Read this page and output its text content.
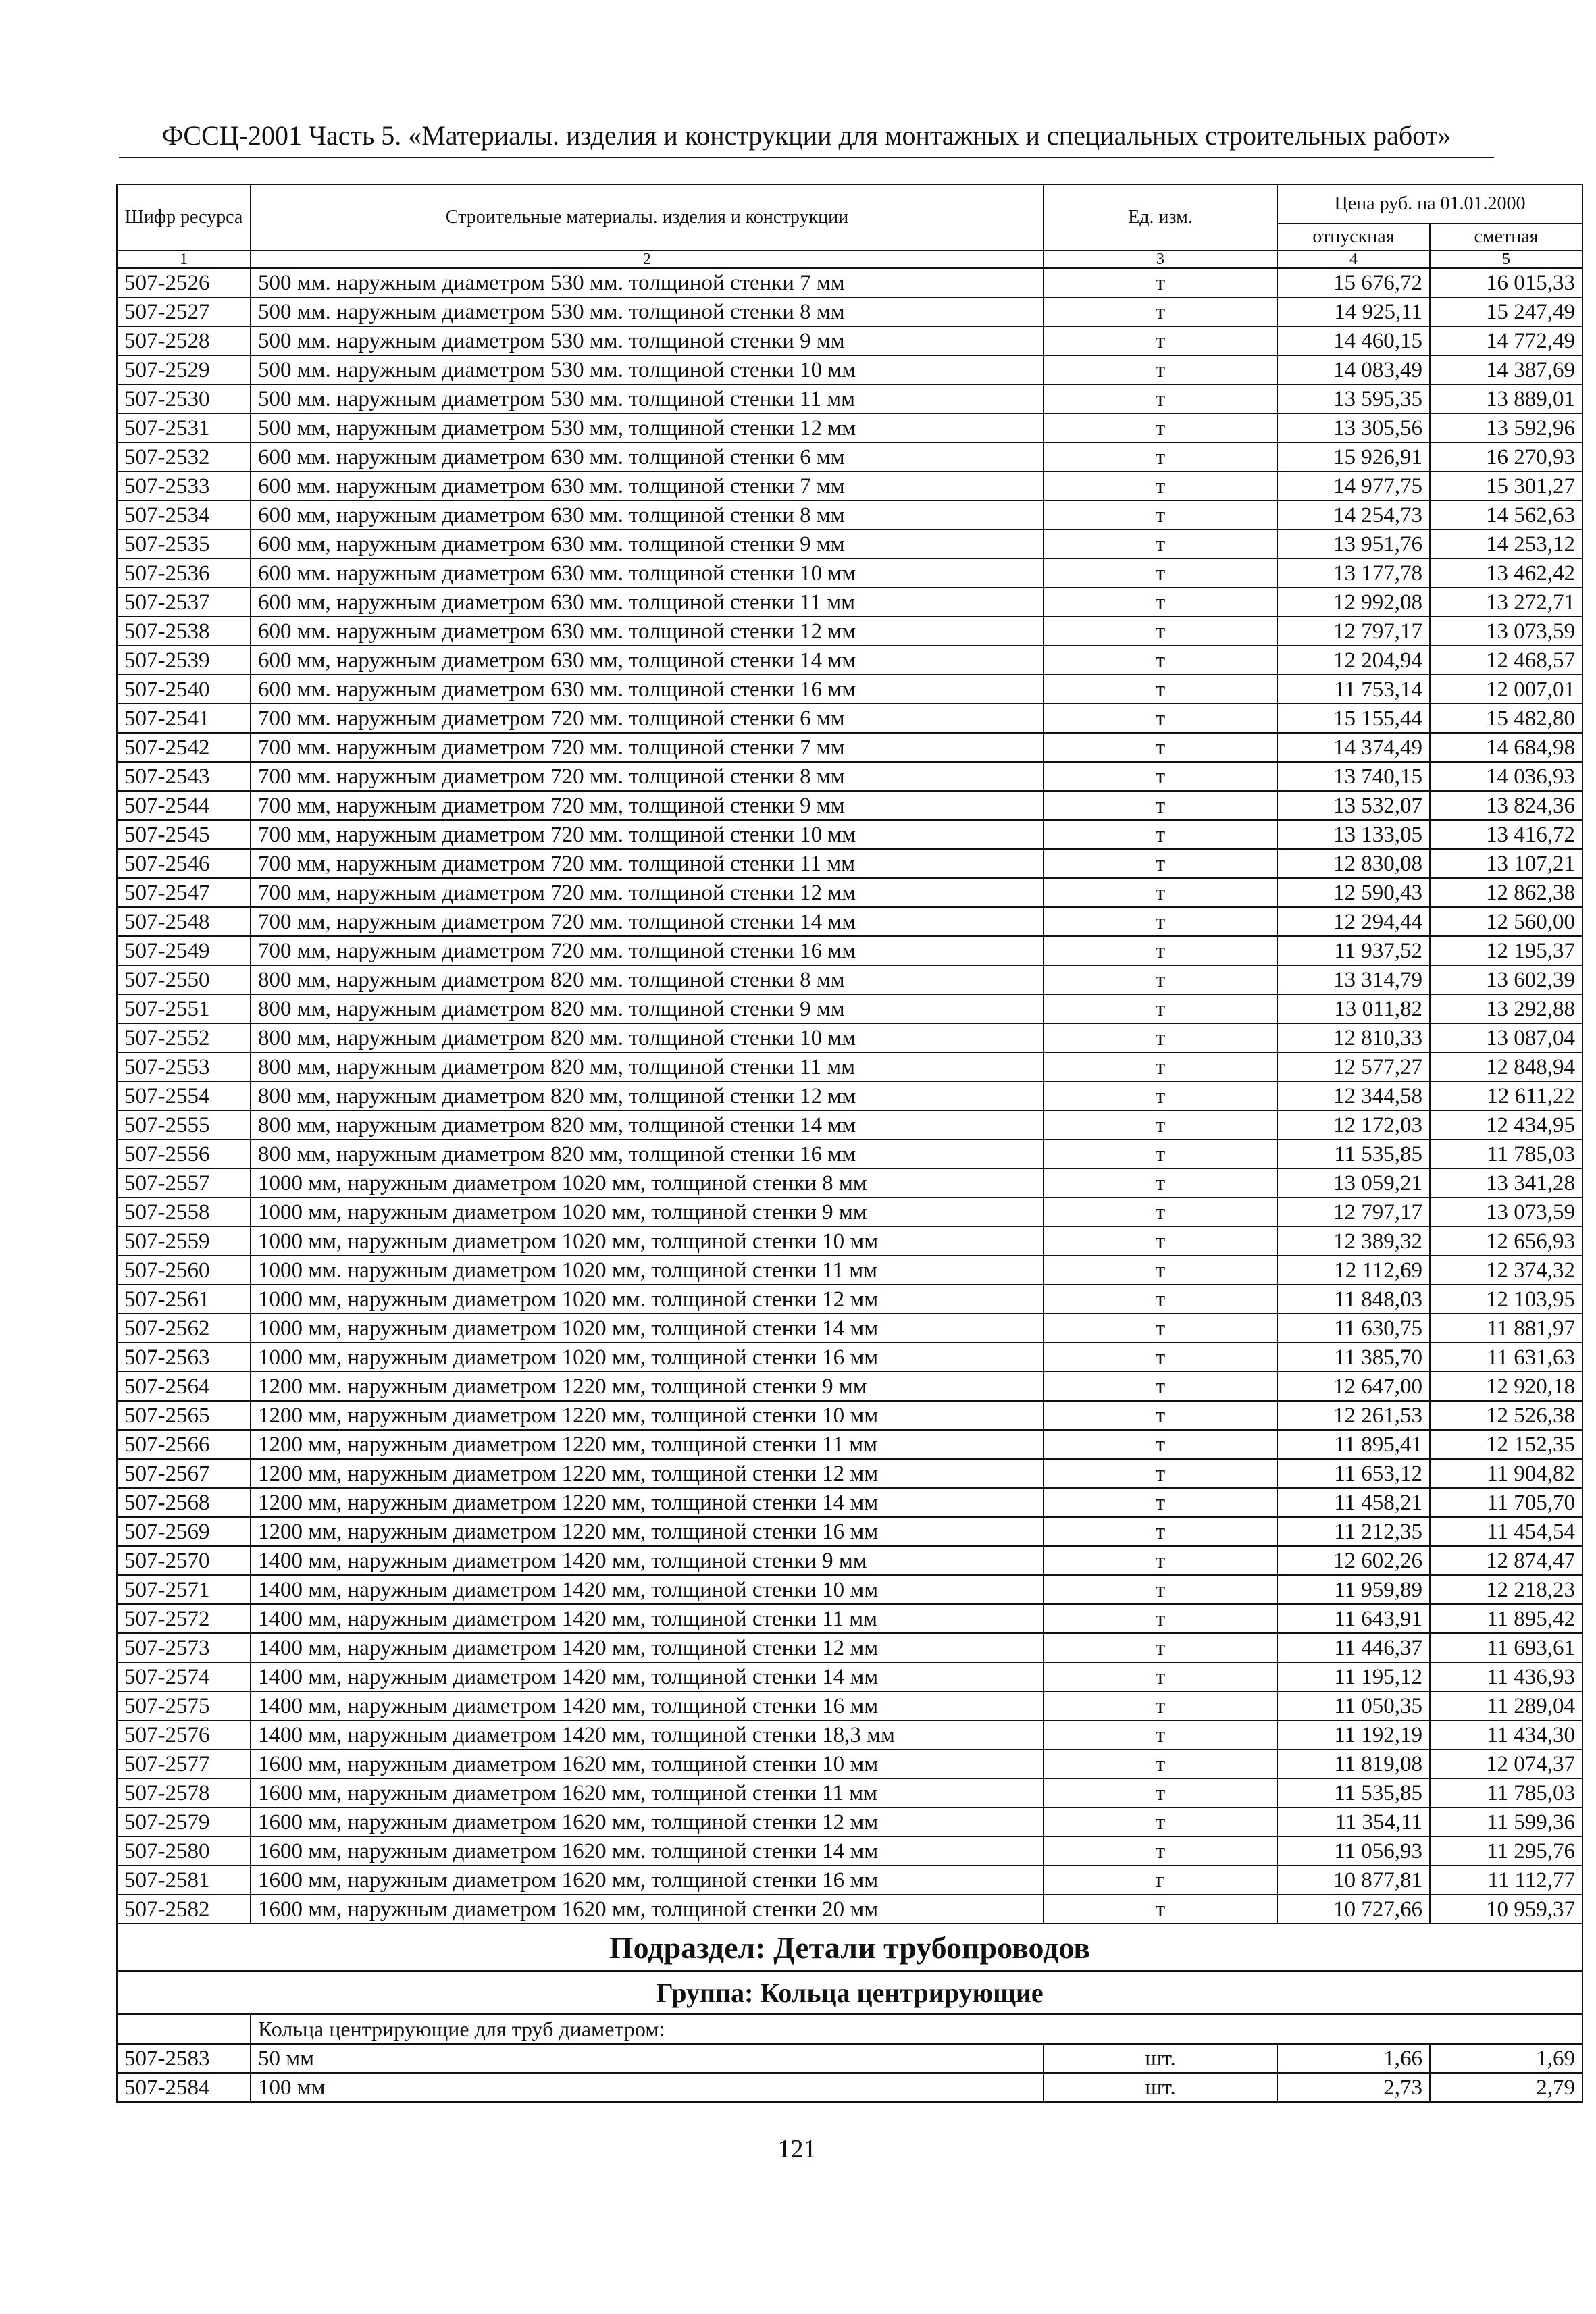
ФССЦ-2001 Часть 5. «Материалы. изделия и конструкции для монтажных и специальных строительных работ»
Шифр ресурса	Строительные материалы. изделия и конструкции	Ед. изм.	Цена руб. на 01.01.2000	
			отпускная	сметная
1	2	3	4	5
507-2526	500 мм. наружным диаметром 530 мм. толщиной стенки 7 мм	т	15 676,72	16 015,33
507-2527	500 мм. наружным диаметром 530 мм. толщиной стенки 8 мм	т	14 925,11	15 247,49
507-2528	500 мм. наружным диаметром 530 мм. толщиной стенки 9 мм	т	14 460,15	14 772,49
507-2529	500 мм. наружным диаметром 530 мм. толщиной стенки 10 мм	т	14 083,49	14 387,69
507-2530	500 мм. наружным диаметром 530 мм. толщиной стенки 11 мм	т	13 595,35	13 889,01
507-2531	500 мм, наружным диаметром 530 мм, толщиной стенки 12 мм	т	13 305,56	13 592,96
507-2532	600 мм. наружным диаметром 630 мм. толщиной стенки 6 мм	т	15 926,91	16 270,93
507-2533	600 мм. наружным диаметром 630 мм. толщиной стенки 7 мм	т	14 977,75	15 301,27
507-2534	600 мм, наружным диаметром 630 мм. толщиной стенки 8 мм	т	14 254,73	14 562,63
507-2535	600 мм, наружным диаметром 630 мм. толщиной стенки 9 мм	т	13 951,76	14 253,12
507-2536	600 мм. наружным диаметром 630 мм. толщиной стенки 10 мм	т	13 177,78	13 462,42
507-2537	600 мм, наружным диаметром 630 мм. толщиной стенки 11 мм	т	12 992,08	13 272,71
507-2538	600 мм. наружным диаметром 630 мм. толщиной стенки 12 мм	т	12 797,17	13 073,59
507-2539	600 мм, наружным диаметром 630 мм, толщиной стенки 14 мм	т	12 204,94	12 468,57
507-2540	600 мм. наружным диаметром 630 мм. толщиной стенки 16 мм	т	11 753,14	12 007,01
507-2541	700 мм. наружным диаметром 720 мм. толщиной стенки 6 мм	т	15 155,44	15 482,80
507-2542	700 мм. наружным диаметром 720 мм. толщиной стенки 7 мм	т	14 374,49	14 684,98
507-2543	700 мм. наружным диаметром 720 мм. толщиной стенки 8 мм	т	13 740,15	14 036,93
507-2544	700 мм, наружным диаметром 720 мм, толщиной стенки 9 мм	т	13 532,07	13 824,36
507-2545	700 мм, наружным диаметром 720 мм. толщиной стенки 10 мм	т	13 133,05	13 416,72
507-2546	700 мм, наружным диаметром 720 мм. толщиной стенки 11 мм	т	12 830,08	13 107,21
507-2547	700 мм, наружным диаметром 720 мм. толщиной стенки 12 мм	т	12 590,43	12 862,38
507-2548	700 мм, наружным диаметром 720 мм. толщиной стенки 14 мм	т	12 294,44	12 560,00
507-2549	700 мм, наружным диаметром 720 мм. толщиной стенки 16 мм	т	11 937,52	12 195,37
507-2550	800 мм, наружным диаметром 820 мм. толщиной стенки 8 мм	т	13 314,79	13 602,39
507-2551	800 мм, наружным диаметром 820 мм. толщиной стенки 9 мм	т	13 011,82	13 292,88
507-2552	800 мм, наружным диаметром 820 мм. толщиной стенки 10 мм	т	12 810,33	13 087,04
507-2553	800 мм, наружным диаметром 820 мм, толщиной стенки 11 мм	т	12 577,27	12 848,94
507-2554	800 мм, наружным диаметром 820 мм, толщиной стенки 12 мм	т	12 344,58	12 611,22
507-2555	800 мм, наружным диаметром 820 мм, толщиной стенки 14 мм	т	12 172,03	12 434,95
507-2556	800 мм, наружным диаметром 820 мм, толщиной стенки 16 мм	т	11 535,85	11 785,03
507-2557	1000 мм, наружным диаметром 1020 мм, толщиной стенки 8 мм	т	13 059,21	13 341,28
507-2558	1000 мм, наружным диаметром 1020 мм, толщиной стенки 9 мм	т	12 797,17	13 073,59
507-2559	1000 мм, наружным диаметром 1020 мм, толщиной стенки 10 мм	т	12 389,32	12 656,93
507-2560	1000 мм. наружным диаметром 1020 мм, толщиной стенки 11 мм	т	12 112,69	12 374,32
507-2561	1000 мм, наружным диаметром 1020 мм. толщиной стенки 12 мм	т	11 848,03	12 103,95
507-2562	1000 мм, наружным диаметром 1020 мм, толщиной стенки 14 мм	т	11 630,75	11 881,97
507-2563	1000 мм, наружным диаметром 1020 мм, толщиной стенки 16 мм	т	11 385,70	11 631,63
507-2564	1200 мм. наружным диаметром 1220 мм, толщиной стенки 9 мм	т	12 647,00	12 920,18
507-2565	1200 мм, наружным диаметром 1220 мм, толщиной стенки 10 мм	т	12 261,53	12 526,38
507-2566	1200 мм, наружным диаметром 1220 мм, толщиной стенки 11 мм	т	11 895,41	12 152,35
507-2567	1200 мм, наружным диаметром 1220 мм, толщиной стенки 12 мм	т	11 653,12	11 904,82
507-2568	1200 мм, наружным диаметром 1220 мм, толщиной стенки 14 мм	т	11 458,21	11 705,70
507-2569	1200 мм, наружным диаметром 1220 мм, толщиной стенки 16 мм	т	11 212,35	11 454,54
507-2570	1400 мм, наружным диаметром 1420 мм, толщиной стенки 9 мм	т	12 602,26	12 874,47
507-2571	1400 мм, наружным диаметром 1420 мм, толщиной стенки 10 мм	т	11 959,89	12 218,23
507-2572	1400 мм, наружным диаметром 1420 мм, толщиной стенки 11 мм	т	11 643,91	11 895,42
507-2573	1400 мм, наружным диаметром 1420 мм, толщиной стенки 12 мм	т	11 446,37	11 693,61
507-2574	1400 мм, наружным диаметром 1420 мм, толщиной стенки 14 мм	т	11 195,12	11 436,93
507-2575	1400 мм, наружным диаметром 1420 мм, толщиной стенки 16 мм	т	11 050,35	11 289,04
507-2576	1400 мм, наружным диаметром 1420 мм, толщиной стенки 18,3 мм	т	11 192,19	11 434,30
507-2577	1600 мм, наружным диаметром 1620 мм, толщиной стенки 10 мм	т	11 819,08	12 074,37
507-2578	1600 мм, наружным диаметром 1620 мм, толщиной стенки 11 мм	т	11 535,85	11 785,03
507-2579	1600 мм, наружным диаметром 1620 мм, толщиной стенки 12 мм	т	11 354,11	11 599,36
507-2580	1600 мм, наружным диаметром 1620 мм. толщиной стенки 14 мм	т	11 056,93	11 295,76
507-2581	1600 мм, наружным диаметром 1620 мм, толщиной стенки 16 мм	г	10 877,81	11 112,77
507-2582	1600 мм, наружным диаметром 1620 мм, толщиной стенки 20 мм	т	10 727,66	10 959,37
Подраздел: Детали трубопроводов				
Группа: Кольца центрирующие				
	Кольца центрирующие для труб диаметром:			
507-2583	50 мм	шт.	1,66	1,69
507-2584	100 мм	шт.	2,73	2,79
121
